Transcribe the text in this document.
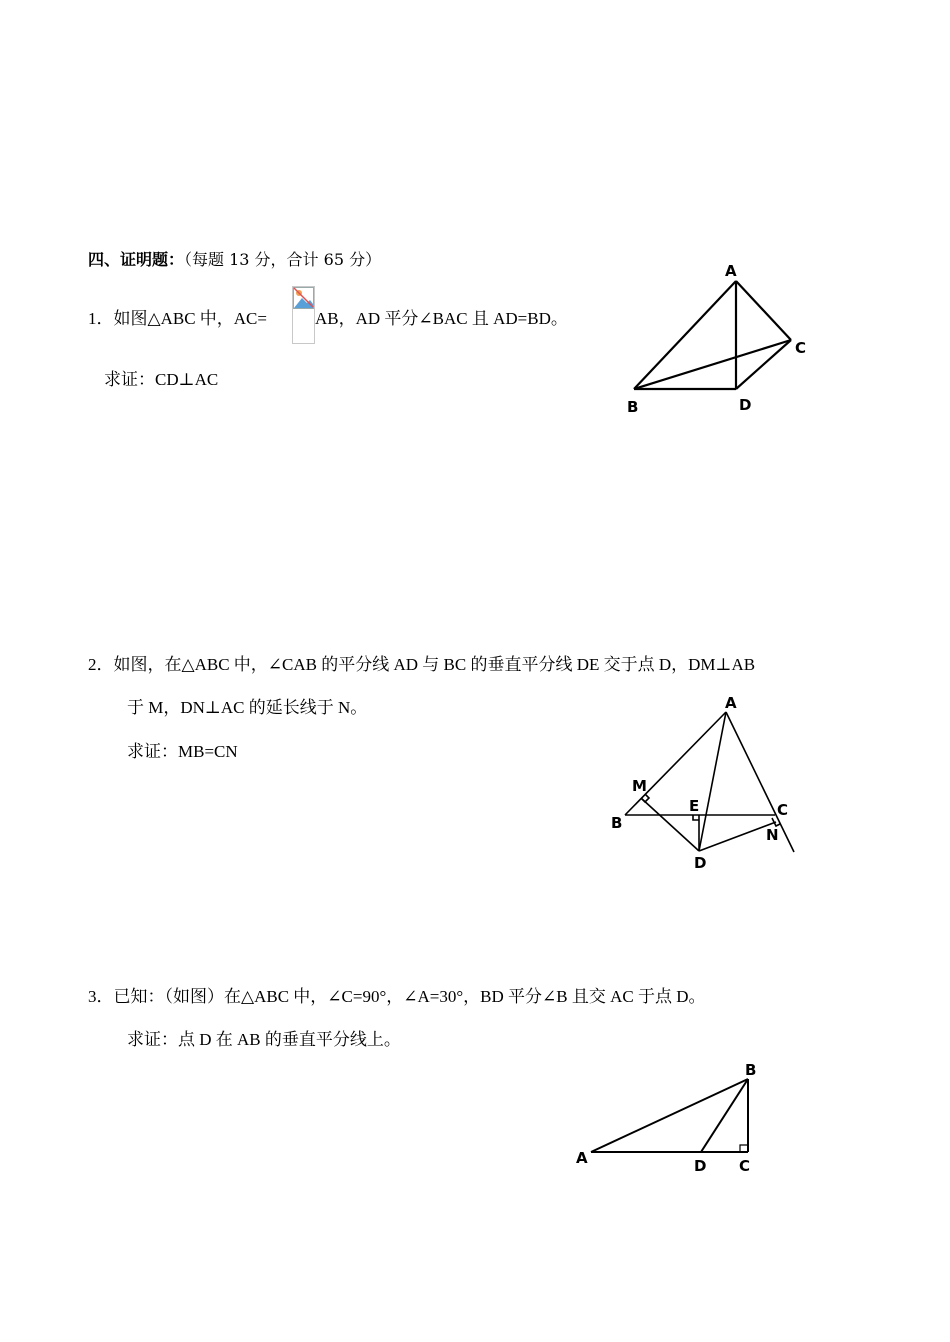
四、证明题：（每题 13 分，合计 65 分）
1．如图△ABC 中，AC=	AB，AD 平分∠BAC 且 AD=BD。
求证：CD⊥AC
A
B
C
D
A
M
E	C
B
N
D
B
A	D C
2．如图，在△ABC 中，∠CAB 的平分线 AD 与 BC 的垂直平分线 DE 交于点 D，DM⊥AB
于 M，DN⊥AC 的延长线于 N。
求证：MB=CN
3．已知：（如图）在△ABC 中，∠C=90°，∠A=30°，BD 平分∠B 且交 AC 于点 D。
求证：点 D 在 AB 的垂直平分线上。
